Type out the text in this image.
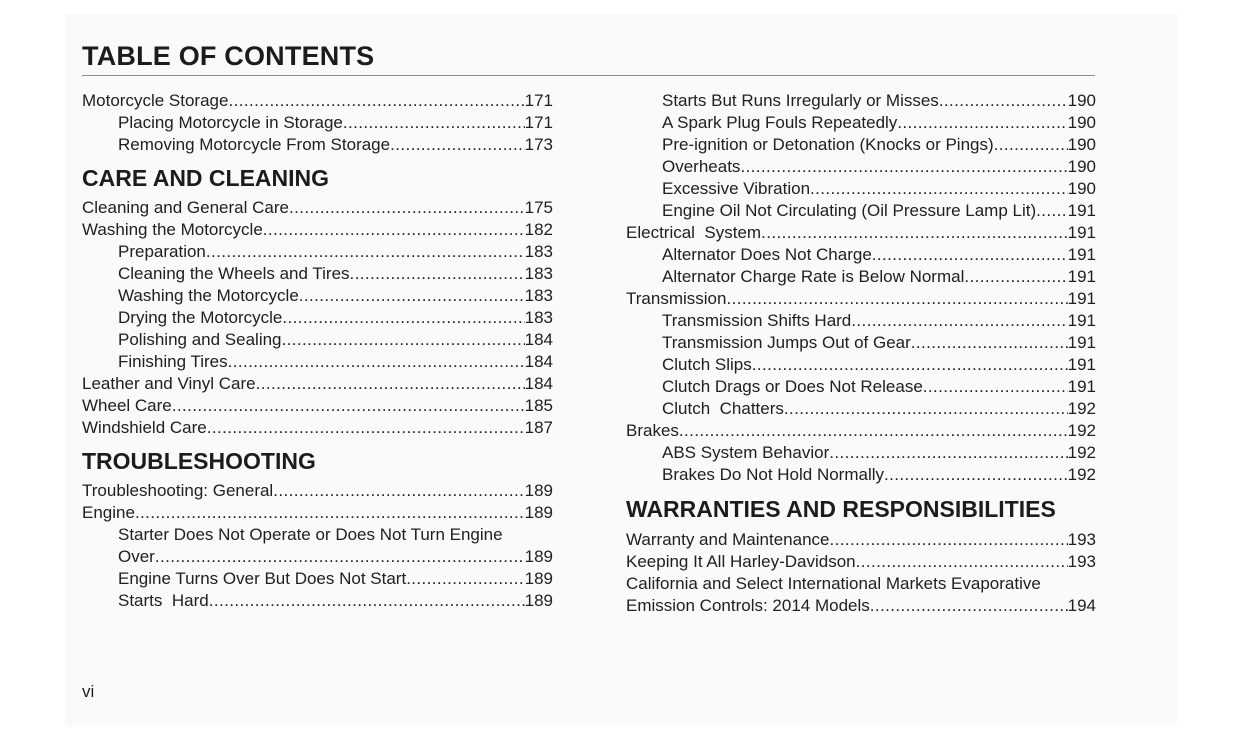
TABLE OF CONTENTS
Motorcycle Storage .....	171
Placing Motorcycle in Storage .....	171
Removing Motorcycle From Storage .....	173
CARE AND CLEANING
Cleaning and General Care .....	175
Washing the Motorcycle .....	182
Preparation .....	183
Cleaning the Wheels and Tires .....	183
Washing the Motorcycle .....	183
Drying the Motorcycle .....	183
Polishing and Sealing .....	184
Finishing Tires .....	184
Leather and Vinyl Care .....	184
Wheel Care .....	185
Windshield Care .....	187
TROUBLESHOOTING
Troubleshooting: General .....	189
Engine .....	189
Starter Does Not Operate or Does Not Turn Engine
Over .....	189
Engine Turns Over But Does Not Start .....	189
Starts  Hard .....	189
Starts But Runs Irregularly or Misses .....	190
A Spark Plug Fouls Repeatedly .....	190
Pre-ignition or Detonation (Knocks or Pings) .....	190
Overheats .....	190
Excessive Vibration .....	190
Engine Oil Not Circulating (Oil Pressure Lamp Lit) ..... 191
Electrical  System .....	191
Alternator Does Not Charge .....	191
Alternator Charge Rate is Below Normal .....	191
Transmission .....	191
Transmission Shifts Hard .....	191
Transmission Jumps Out of Gear .....	191
Clutch Slips .....	191
Clutch Drags or Does Not Release .....	191
Clutch  Chatters .....	192
Brakes .....	192
ABS System Behavior .....	192
Brakes Do Not Hold Normally .....	192
WARRANTIES AND RESPONSIBILITIES
Warranty and Maintenance .....	193
Keeping It All Harley-Davidson .....	193
California and Select International Markets Evaporative
Emission Controls: 2014 Models .....	194
vi
